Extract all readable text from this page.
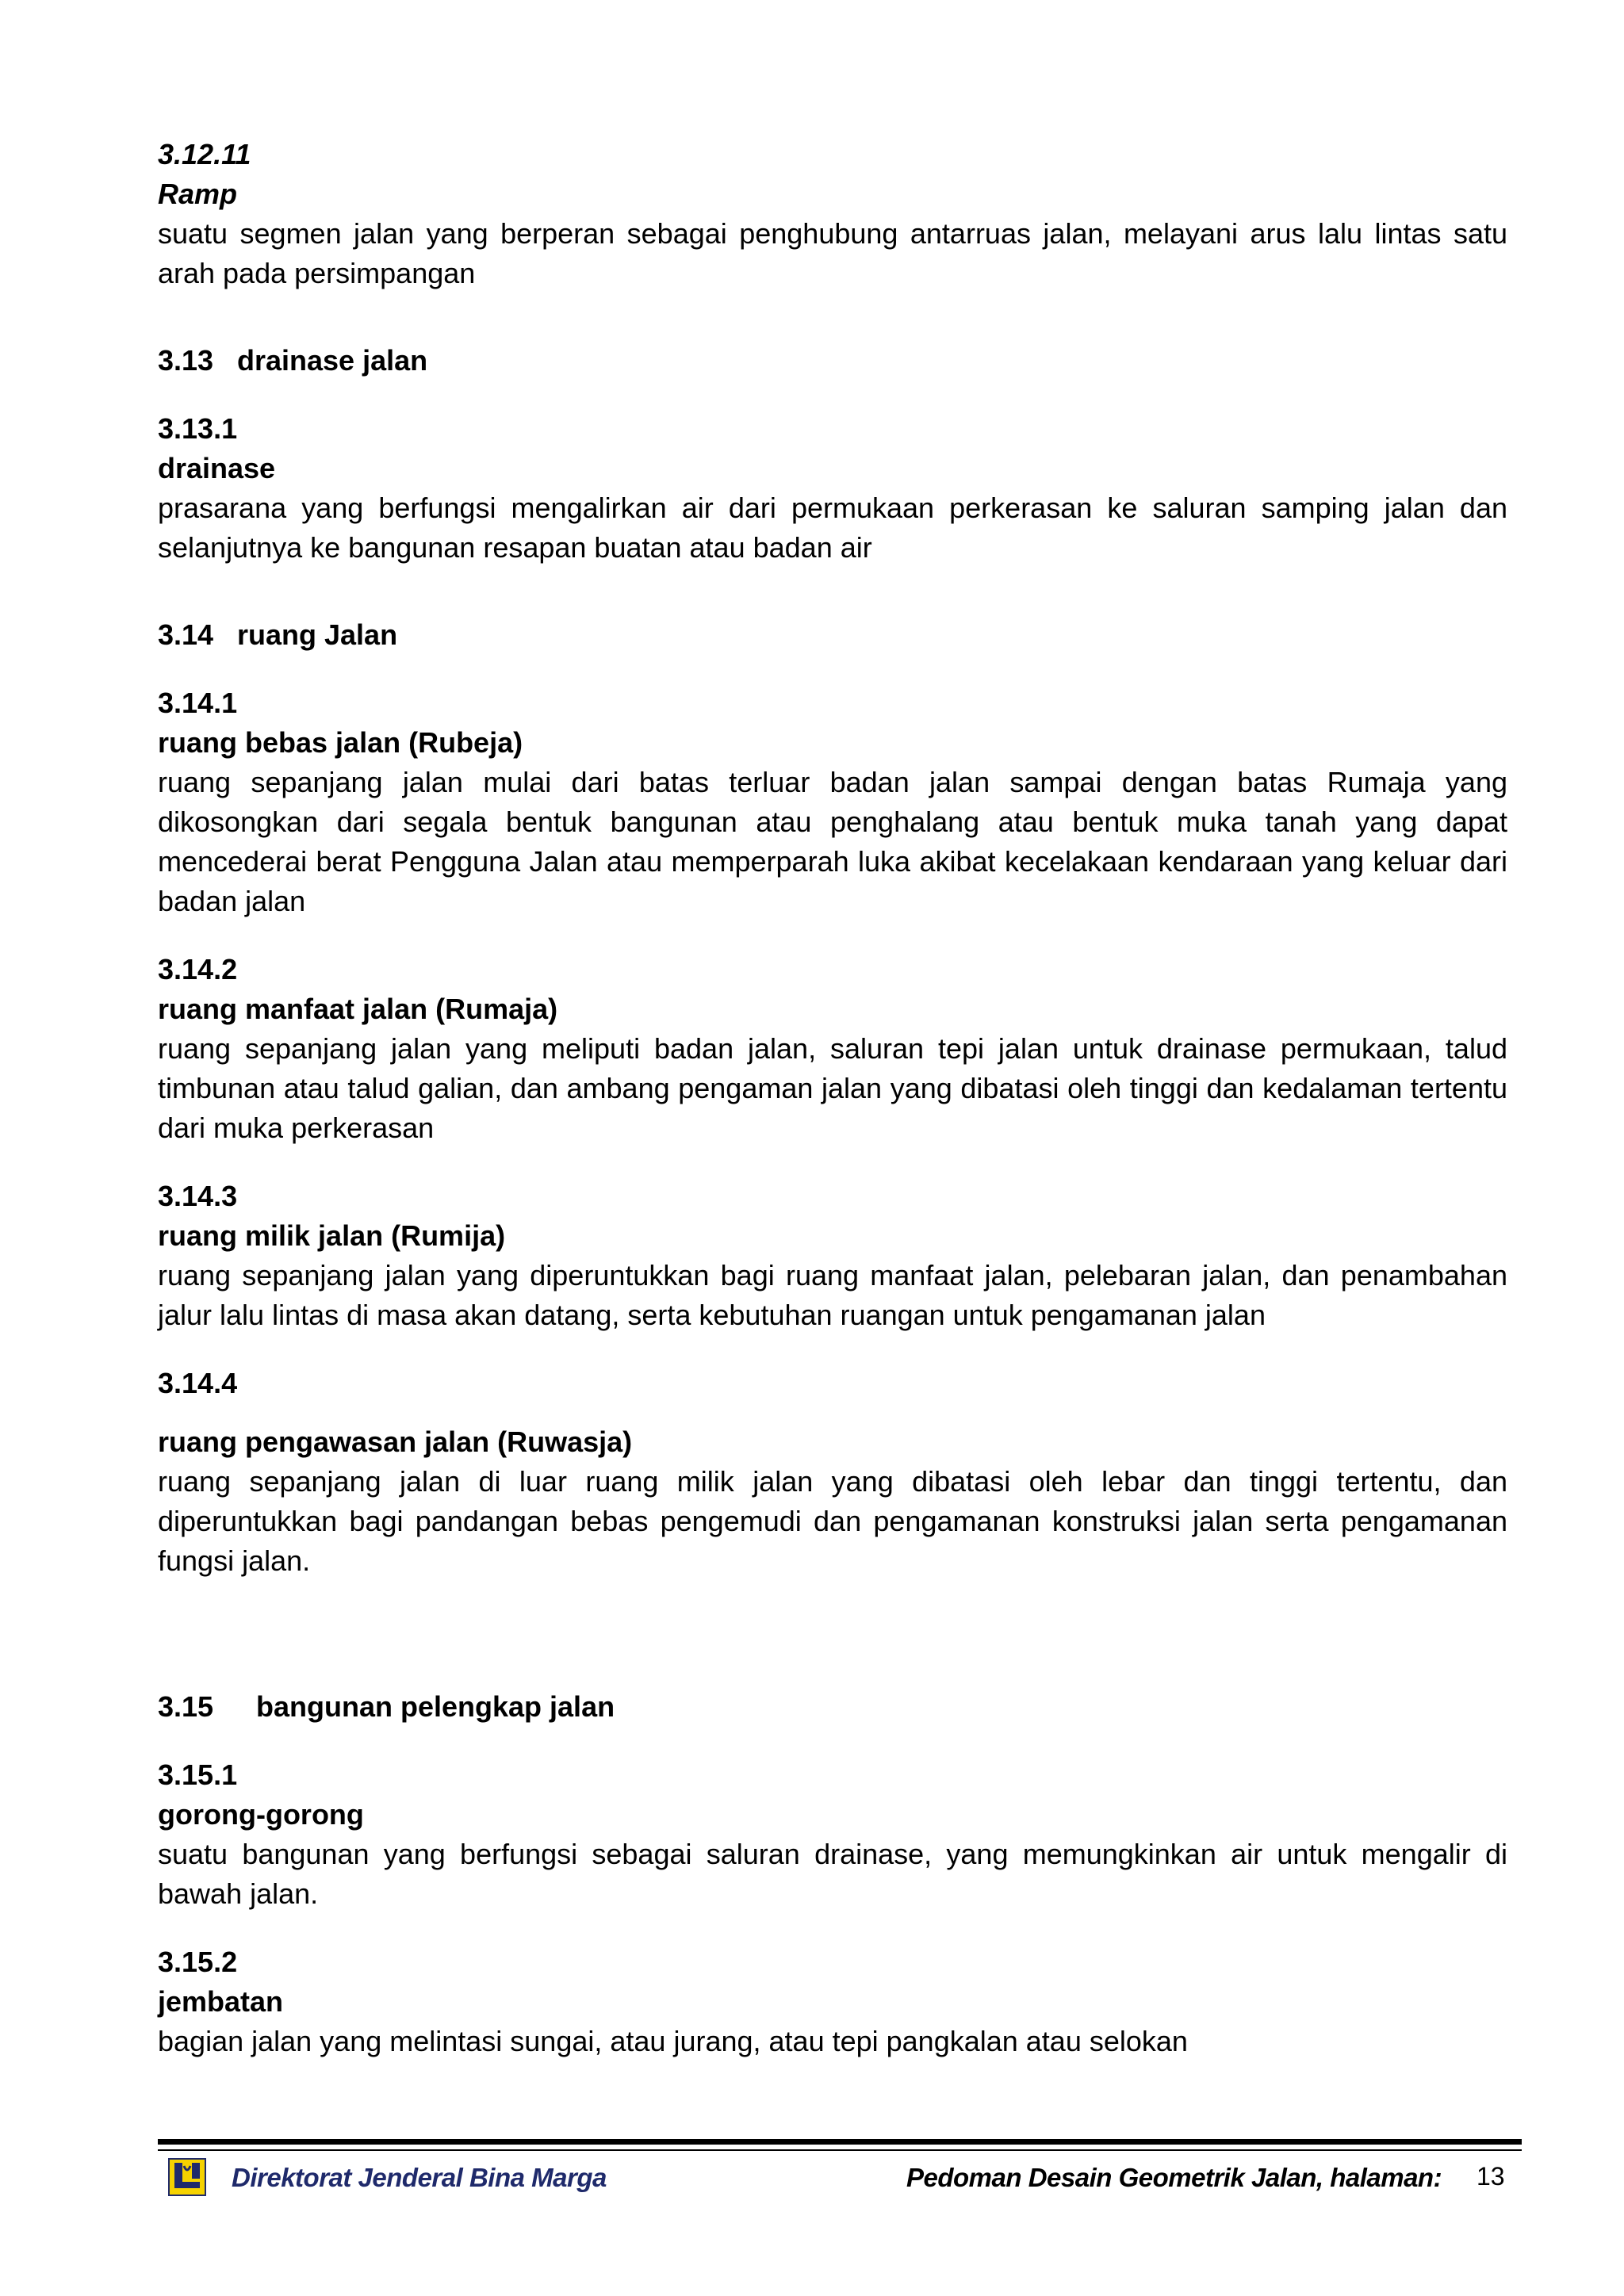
3.12.11

Ramp

suatu segmen jalan yang berperan sebagai penghubung antarruas jalan, melayani arus lalu lintas satu arah pada persimpangan

3.13 drainase jalan

3.13.1

drainase

prasarana yang berfungsi mengalirkan air dari permukaan perkerasan ke saluran samping jalan dan selanjutnya ke bangunan resapan buatan atau badan air

3.14 ruang Jalan

3.14.1

ruang bebas jalan (Rubeja)

ruang sepanjang jalan mulai dari batas terluar badan jalan sampai dengan batas Rumaja yang dikosongkan dari segala bentuk bangunan atau penghalang atau bentuk muka tanah yang dapat mencederai berat Pengguna Jalan atau memperparah luka akibat kecelakaan kendaraan yang keluar dari badan jalan

3.14.2

ruang manfaat jalan (Rumaja)

ruang sepanjang jalan yang meliputi badan jalan, saluran tepi jalan untuk drainase permukaan, talud timbunan atau talud galian, dan ambang pengaman jalan yang dibatasi oleh tinggi dan kedalaman tertentu dari muka perkerasan

3.14.3

ruang milik jalan (Rumija)

ruang sepanjang jalan yang diperuntukkan bagi ruang manfaat jalan, pelebaran jalan, dan penambahan jalur lalu lintas di masa akan datang, serta kebutuhan ruangan untuk pengamanan jalan

3.14.4

ruang pengawasan jalan (Ruwasja)

ruang sepanjang jalan di luar ruang milik jalan yang dibatasi oleh lebar dan tinggi tertentu, dan diperuntukkan bagi pandangan bebas pengemudi dan pengamanan konstruksi jalan serta pengamanan fungsi jalan.

3.15	bangunan pelengkap jalan

3.15.1

gorong-gorong

suatu bangunan yang berfungsi sebagai saluran drainase, yang memungkinkan air untuk mengalir di bawah jalan.

3.15.2

jembatan

bagian jalan yang melintasi sungai, atau jurang, atau tepi pangkalan atau selokan

Direktorat Jenderal Bina Marga	Pedoman Desain Geometrik Jalan, halaman: 13
